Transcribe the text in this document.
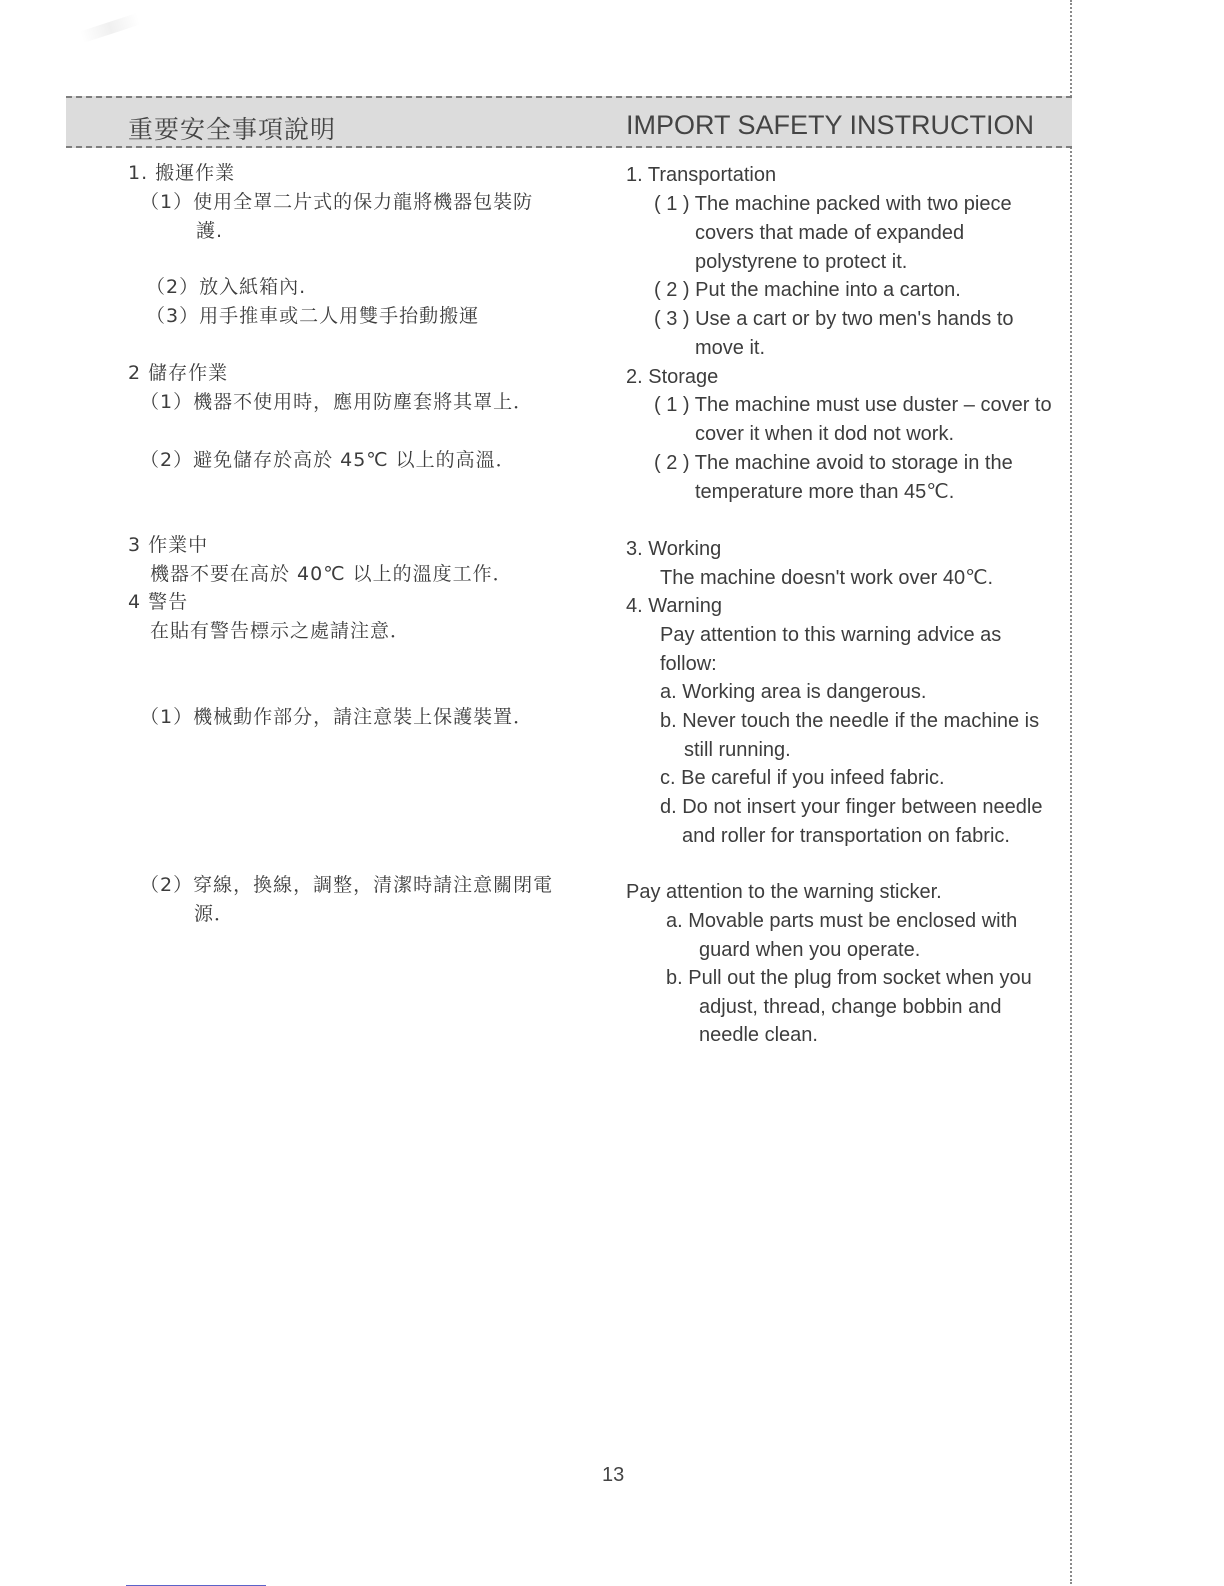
重要安全事項說明	IMPORT SAFETY INSTRUCTION
1. 搬運作業
（1）使用全罩二片式的保力龍將機器包裝防
護.
（2）放入紙箱內.
（3）用手推車或二人用雙手抬動搬運
2 儲存作業
（1）機器不使用時，應用防塵套將其罩上．
（2）避免儲存於高於 45℃ 以上的高溫．
3 作業中
機器不要在高於 40℃ 以上的溫度工作．
4 警告
在貼有警告標示之處請注意．
（1）機械動作部分，請注意裝上保護裝置．
（2）穿線，換線，調整，清潔時請注意關閉電
源．
1. Transportation
( 1 ) The machine packed with two piece
covers that made of expanded
polystyrene to protect it.
( 2 ) Put the machine into a carton.
( 3 ) Use a cart or by two men's hands to
move it.
2. Storage
( 1 ) The machine must use duster – cover to
cover it when it dod not work.
( 2 ) The machine avoid to storage in the
temperature more than 45℃.
3. Working
The machine doesn't work over 40℃.
4. Warning
Pay attention to this warning advice as
follow:
a. Working area is dangerous.
b. Never touch the needle if the machine is
still running.
c. Be careful if you infeed fabric.
d. Do not insert your finger between needle
and roller for transportation on fabric.
Pay attention to the warning sticker.
a. Movable parts must be enclosed with
guard when you operate.
b. Pull out the plug from socket when you
adjust, thread, change bobbin and
needle clean.
13
